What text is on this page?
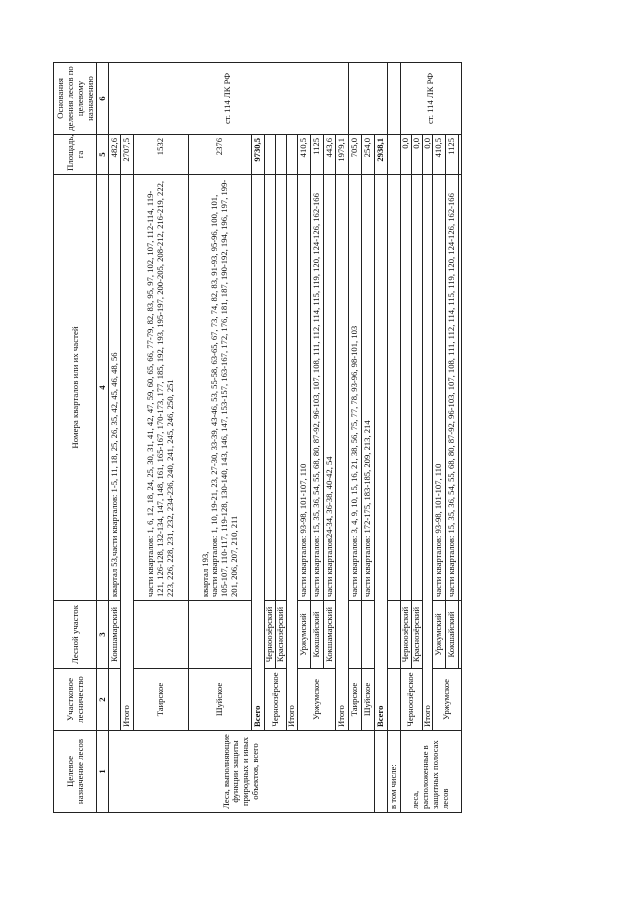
Целевое назначение лесов	Участковое лесничество	Лесной участок	Номера кварталов или их частей	Площадь, га	Основания деления лесов по целевому назначению
1	2	3	4	5	6
Леса, выполняющие функции защиты природных и иных объектов, всего		Кокшамарский	квартал 53,части кварталов: 1-5, 11, 18, 25, 26, 35, 42, 45, 46, 48, 56	482,6	ст. 114 ЛК РФ
	Итого			2707,5	
	Таирское		части кварталов: 1, 6, 12, 18, 24, 25, 30, 31, 41, 42, 47, 59, 60, 65, 66, 77-79, 82, 83, 95, 97, 102, 107, 112-114, 119-121, 126-128, 132-134, 147, 148, 161, 165-167, 170-173, 177, 185, 192, 193, 195-197, 200-205, 208-212, 216-219, 222, 223, 226, 228, 231, 232, 234-236, 240, 241, 245, 246, 250, 251	1532	
	Шуйское		квартал 193, части кварталов: 1, 10, 19-21, 23, 27-30, 33-39, 43-46, 53, 55-58, 63-65, 67, 73, 74, 82, 83, 91-93, 95-96, 100, 101, 105-107, 110-117, 119-128, 130-140, 143, 146, 147, 153-157, 163-167, 172, 176, 181, 187, 190-192, 194, 196, 197, 199-201, 206, 207, 210, 211	2376	
	Всего			9730,5	
	Черноозёрское	Черноозёрский			
		Краснозёрский			
	Итого				
	Уржумское	Уржумский	части кварталов: 93-98, 101-107, 110	410,5	
		Кокшайский	части кварталов: 15, 35, 36, 54, 55, 68, 80, 87-92, 96-103, 107, 108, 111, 112, 114, 115, 119, 120, 124-126, 162-166	1125	
		Кокшамарский	части кварталов24-34, 36-38, 40-42, 54	443,6	
	Итого			1979,1	
	Таирское		части кварталов: 3, 4, 9, 10, 15, 16, 21, 38, 56, 75, 77, 78, 93-96, 98-101, 103	705,0	
	Шуйское		части кварталов: 172-175, 183-185, 209, 213, 214	254,0	
	Всего			2938,1	
в том числе:					
леса, расположенные в защитных полосах лесов	Черноозёрское	Черноозёрский		0,0	ст. 114 ЛК РФ
		Краснозёрский		0,0	
	Итого			0,0	
	Уржумское	Уржумский	части кварталов: 93-98, 101-107, 110	410,5	
		Кокшайский	части кварталов: 15, 35, 36, 54, 55, 68, 80, 87-92, 96-103, 107, 108, 111, 112, 114, 115, 119, 120, 124-126, 162-166	1125	
